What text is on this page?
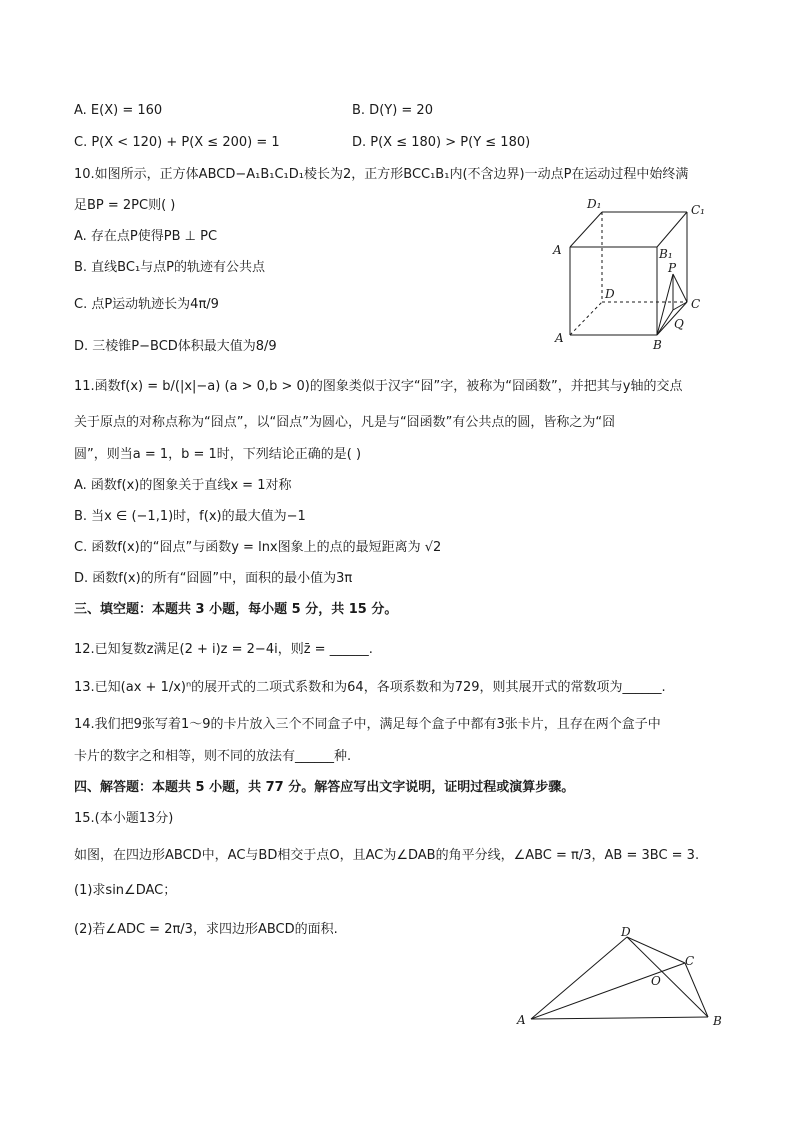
A. E(X) = 160	B. D(Y) = 20
C. P(X < 120) + P(X ≤ 200) = 1	D. P(X ≤ 180) > P(Y ≤ 180)
10.如图所示，正方体ABCD−A₁B₁C₁D₁棱长为2，正方形BCC₁B₁内(不含边界)一动点P在运动过程中始终满
足BP = 2PC则( )
A. 存在点P使得PB ⊥ PC
B. 直线BC₁与点P的轨迹有公共点
C. 点P运动轨迹长为4π/9
D. 三棱锥P−BCD体积最大值为8/9
D₁	C₁
A	B₁
P
D
C
Q
A	B
11.函数f(x) = b/(|x|−a) (a > 0,b > 0)的图象类似于汉字“囧”字，被称为“囧函数”，并把其与y轴的交点
关于原点的对称点称为“囧点”，以“囧点”为圆心，凡是与“囧函数”有公共点的圆，皆称之为“囧
圆”，则当a = 1，b = 1时，下列结论正确的是( )
A. 函数f(x)的图象关于直线x = 1对称
B. 当x ∈ (−1,1)时，f(x)的最大值为−1
C. 函数f(x)的“囧点”与函数y = lnx图象上的点的最短距离为 √2
D. 函数f(x)的所有“囧圆”中，面积的最小值为3π
三、填空题：本题共 3 小题，每小题 5 分，共 15 分。
12.已知复数z满足(2 + i)z = 2−4i，则z̄ = ______.
13.已知(ax + 1/x)ⁿ的展开式的二项式系数和为64，各项系数和为729，则其展开式的常数项为______.
14.我们把9张写着1～9的卡片放入三个不同盒子中，满足每个盒子中都有3张卡片，且存在两个盒子中
卡片的数字之和相等，则不同的放法有______种.
四、解答题：本题共 5 小题，共 77 分。解答应写出文字说明，证明过程或演算步骤。
15.(本小题13分)
如图，在四边形ABCD中，AC与BD相交于点O，且AC为∠DAB的角平分线，∠ABC = π/3，AB = 3BC = 3.
(1)求sin∠DAC；
(2)若∠ADC = 2π/3，求四边形ABCD的面积.	D
C
O
A	B
